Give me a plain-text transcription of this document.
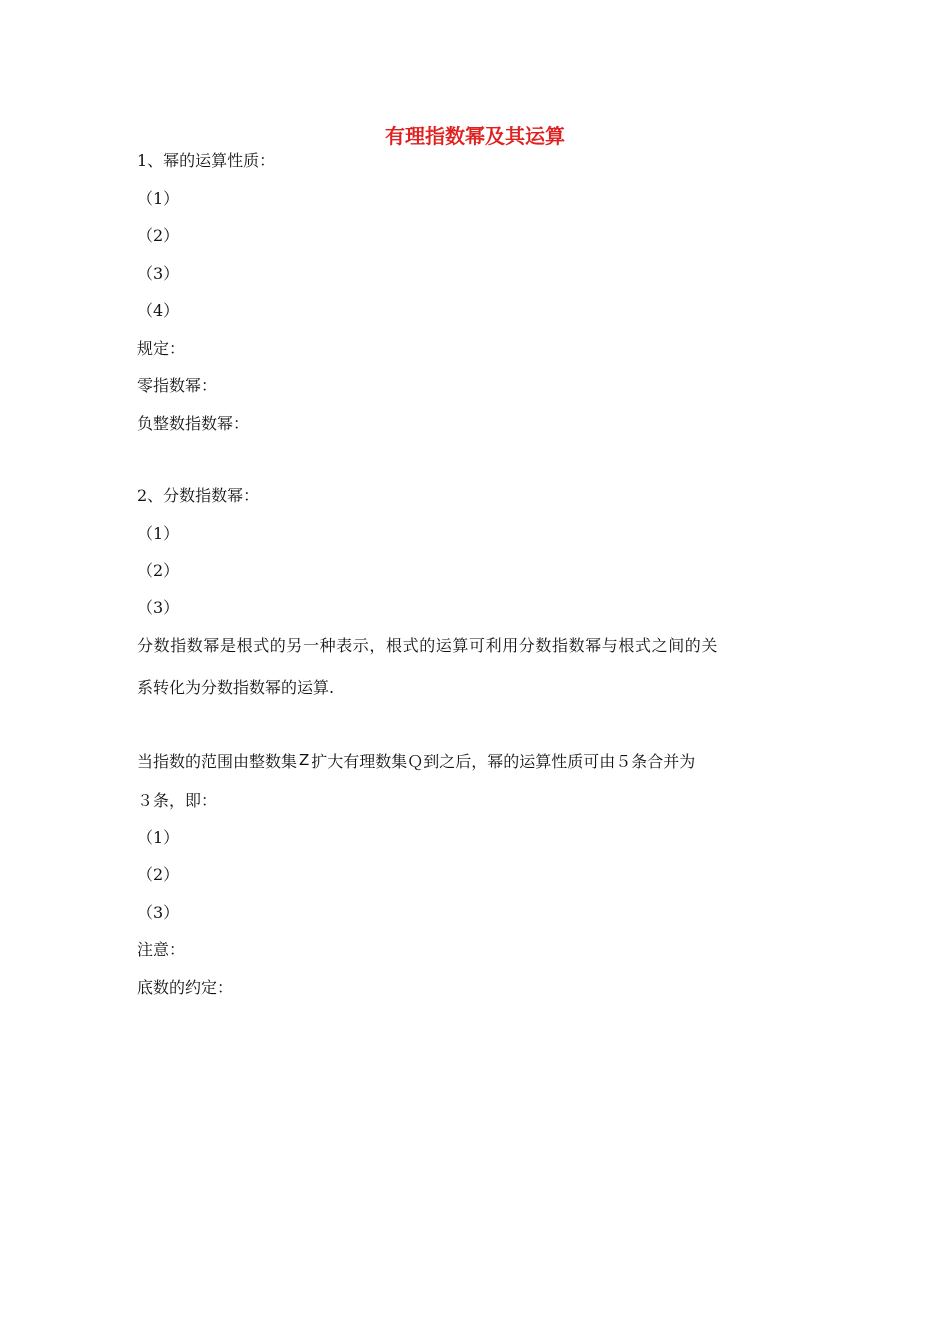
有理指数幂及其运算
1、幂的运算性质：
（1）
（2）
（3）
（4）
规定：
零指数幂：
负整数指数幂：
2、分数指数幂：
（1）
（2）
（3）
分数指数幂是根式的另一种表示，根式的运算可利用分数指数幂与根式之间的关
系转化为分数指数幂的运算.
当指数的范围由整数集 Z 扩大有理数集Ｑ到之后，幂的运算性质可由５条合并为
３条，即：
（1）
（2）
（3）
注意：
底数的约定：
